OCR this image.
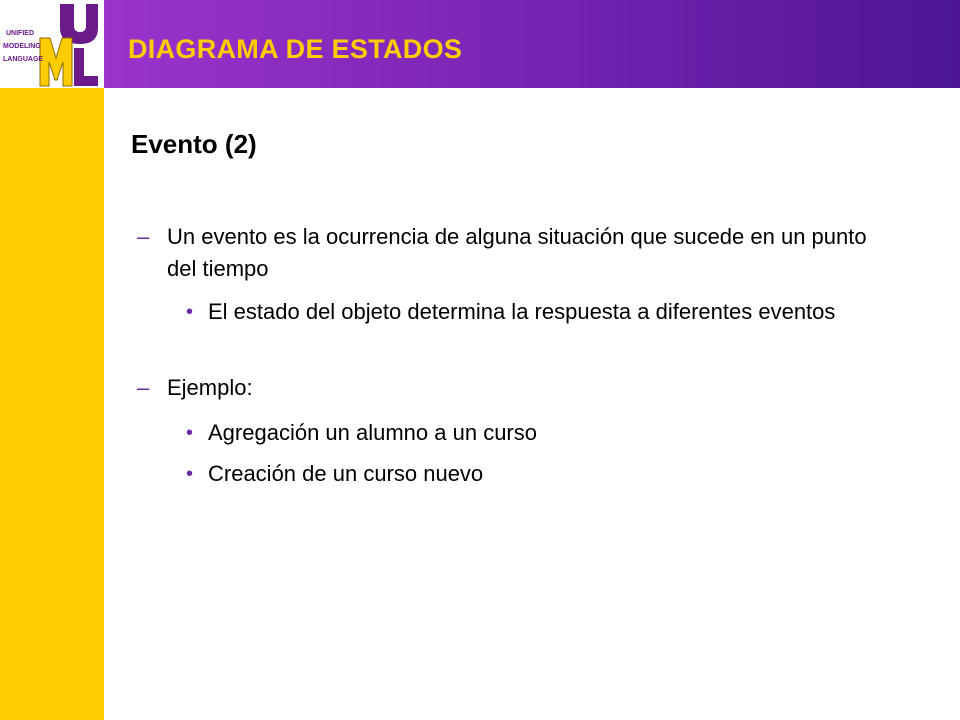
UNIFIED
MODELING
LANGUAGE	DIAGRAMA DE ESTADOS
Evento (2)
– Un evento es la ocurrencia de alguna situación que sucede en un punto del tiempo
• El estado del objeto determina la respuesta a diferentes eventos
– Ejemplo:
• Agregación un alumno a un curso
• Creación de un curso nuevo
